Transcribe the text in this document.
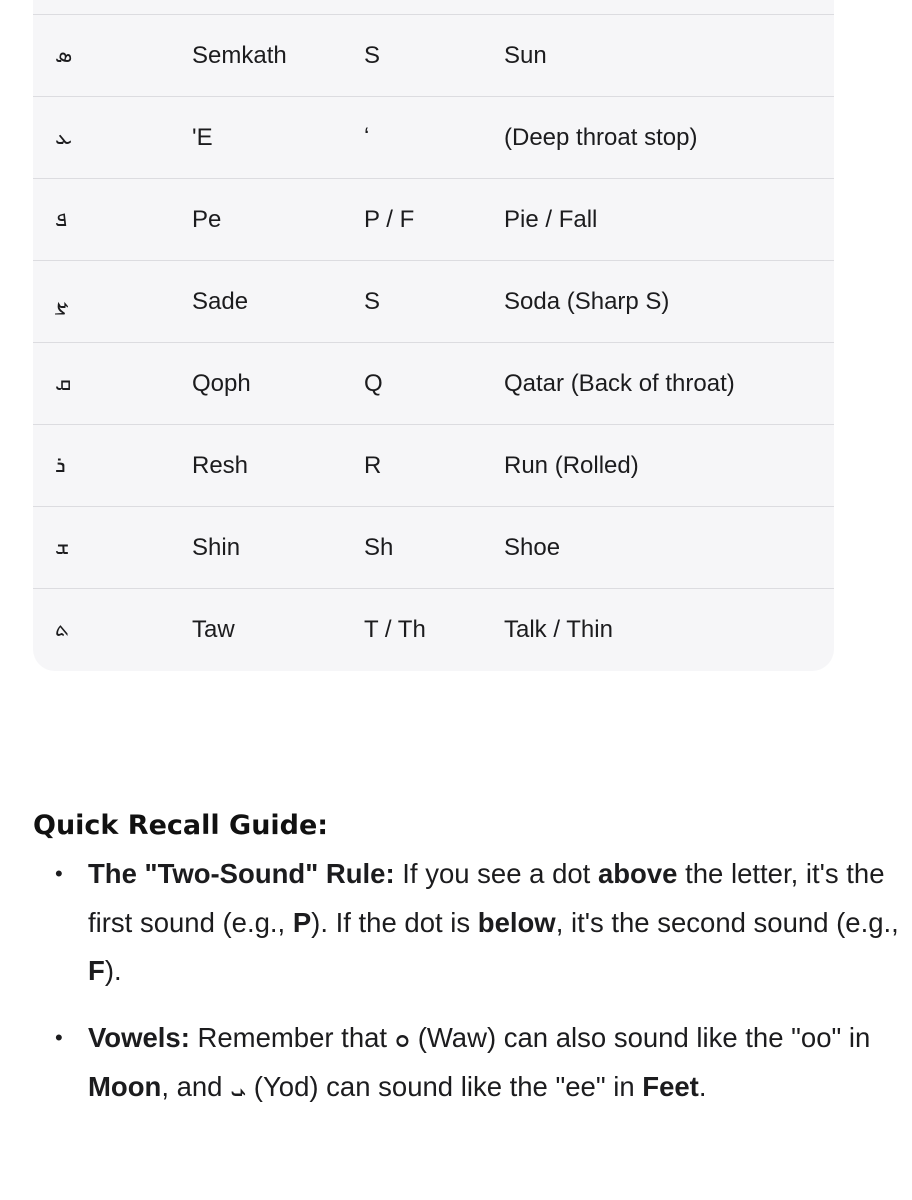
ܣ	Semkath	S	Sun
ܥ	'E	ʻ	(Deep throat stop)
ܦ	Pe	P / F	Pie / Fall
ܨ	Sade	S	Soda (Sharp S)
ܩ	Qoph	Q	Qatar (Back of throat)
ܪ	Resh	R	Run (Rolled)
ܫ	Shin	Sh	Shoe
ܬ	Taw	T / Th	Talk / Thin
Quick Recall Guide:
• The "Two-Sound" Rule: If you see a dot above the letter, it's the first sound (e.g., P). If the dot is below, it's the second sound (e.g., F).
• Vowels: Remember that ܘ (Waw) can also sound like the "oo" in Moon, and ܝ (Yod) can sound like the "ee" in Feet.
